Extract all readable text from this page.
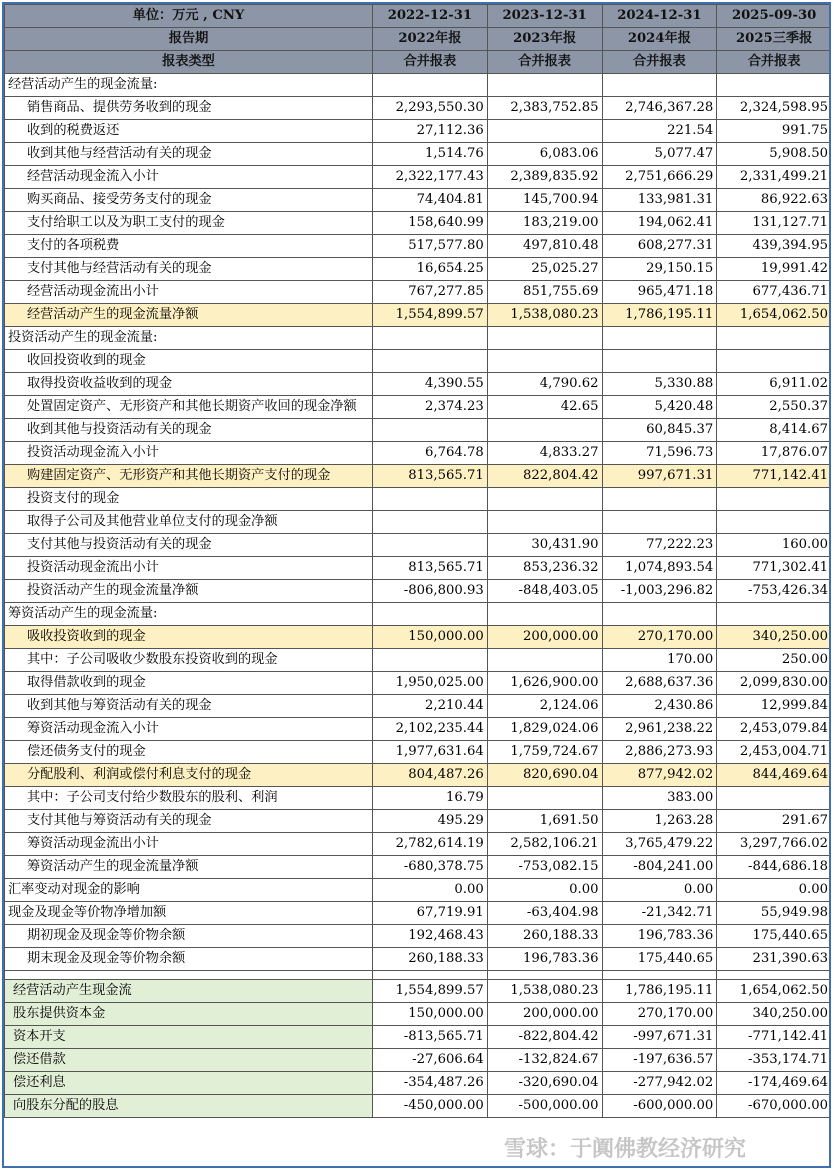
单位：万元 , CNY	2022-12-31	2023-12-31	2024-12-31	2025-09-30
报告期	2022年报	2023年报	2024年报	2025三季报
报表类型	合并报表	合并报表	合并报表	合并报表
经营活动产生的现金流量:				
销售商品、提供劳务收到的现金	2,293,550.30	2,383,752.85	2,746,367.28	2,324,598.95
收到的税费返还	27,112.36		221.54	991.75
收到其他与经营活动有关的现金	1,514.76	6,083.06	5,077.47	5,908.50
经营活动现金流入小计	2,322,177.43	2,389,835.92	2,751,666.29	2,331,499.21
购买商品、接受劳务支付的现金	74,404.81	145,700.94	133,981.31	86,922.63
支付给职工以及为职工支付的现金	158,640.99	183,219.00	194,062.41	131,127.71
支付的各项税费	517,577.80	497,810.48	608,277.31	439,394.95
支付其他与经营活动有关的现金	16,654.25	25,025.27	29,150.15	19,991.42
经营活动现金流出小计	767,277.85	851,755.69	965,471.18	677,436.71
经营活动产生的现金流量净额	1,554,899.57	1,538,080.23	1,786,195.11	1,654,062.50
投资活动产生的现金流量:				
收回投资收到的现金				
取得投资收益收到的现金	4,390.55	4,790.62	5,330.88	6,911.02
处置固定资产、无形资产和其他长期资产收回的现金净额	2,374.23	42.65	5,420.48	2,550.37
收到其他与投资活动有关的现金			60,845.37	8,414.67
投资活动现金流入小计	6,764.78	4,833.27	71,596.73	17,876.07
购建固定资产、无形资产和其他长期资产支付的现金	813,565.71	822,804.42	997,671.31	771,142.41
投资支付的现金				
取得子公司及其他营业单位支付的现金净额				
支付其他与投资活动有关的现金		30,431.90	77,222.23	160.00
投资活动现金流出小计	813,565.71	853,236.32	1,074,893.54	771,302.41
投资活动产生的现金流量净额	-806,800.93	-848,403.05	-1,003,296.82	-753,426.34
筹资活动产生的现金流量:				
吸收投资收到的现金	150,000.00	200,000.00	270,170.00	340,250.00
其中：子公司吸收少数股东投资收到的现金			170.00	250.00
取得借款收到的现金	1,950,025.00	1,626,900.00	2,688,637.36	2,099,830.00
收到其他与筹资活动有关的现金	2,210.44	2,124.06	2,430.86	12,999.84
筹资活动现金流入小计	2,102,235.44	1,829,024.06	2,961,238.22	2,453,079.84
偿还债务支付的现金	1,977,631.64	1,759,724.67	2,886,273.93	2,453,004.71
分配股利、利润或偿付利息支付的现金	804,487.26	820,690.04	877,942.02	844,469.64
其中：子公司支付给少数股东的股利、利润	16.79		383.00	
支付其他与筹资活动有关的现金	495.29	1,691.50	1,263.28	291.67
筹资活动现金流出小计	2,782,614.19	2,582,106.21	3,765,479.22	3,297,766.02
筹资活动产生的现金流量净额	-680,378.75	-753,082.15	-804,241.00	-844,686.18
汇率变动对现金的影响	0.00	0.00	0.00	0.00
现金及现金等价物净增加额	67,719.91	-63,404.98	-21,342.71	55,949.98
期初现金及现金等价物余额	192,468.43	260,188.33	196,783.36	175,440.65
期末现金及现金等价物余额	260,188.33	196,783.36	175,440.65	231,390.63

经营活动产生现金流	1,554,899.57	1,538,080.23	1,786,195.11	1,654,062.50
股东提供资本金	150,000.00	200,000.00	270,170.00	340,250.00
资本开支	-813,565.71	-822,804.42	-997,671.31	-771,142.41
偿还借款	-27,606.64	-132,824.67	-197,636.57	-353,174.71
偿还利息	-354,487.26	-320,690.04	-277,942.02	-174,469.64
向股东分配的股息	-450,000.00	-500,000.00	-600,000.00	-670,000.00
雪球：于阗佛教经济研究
